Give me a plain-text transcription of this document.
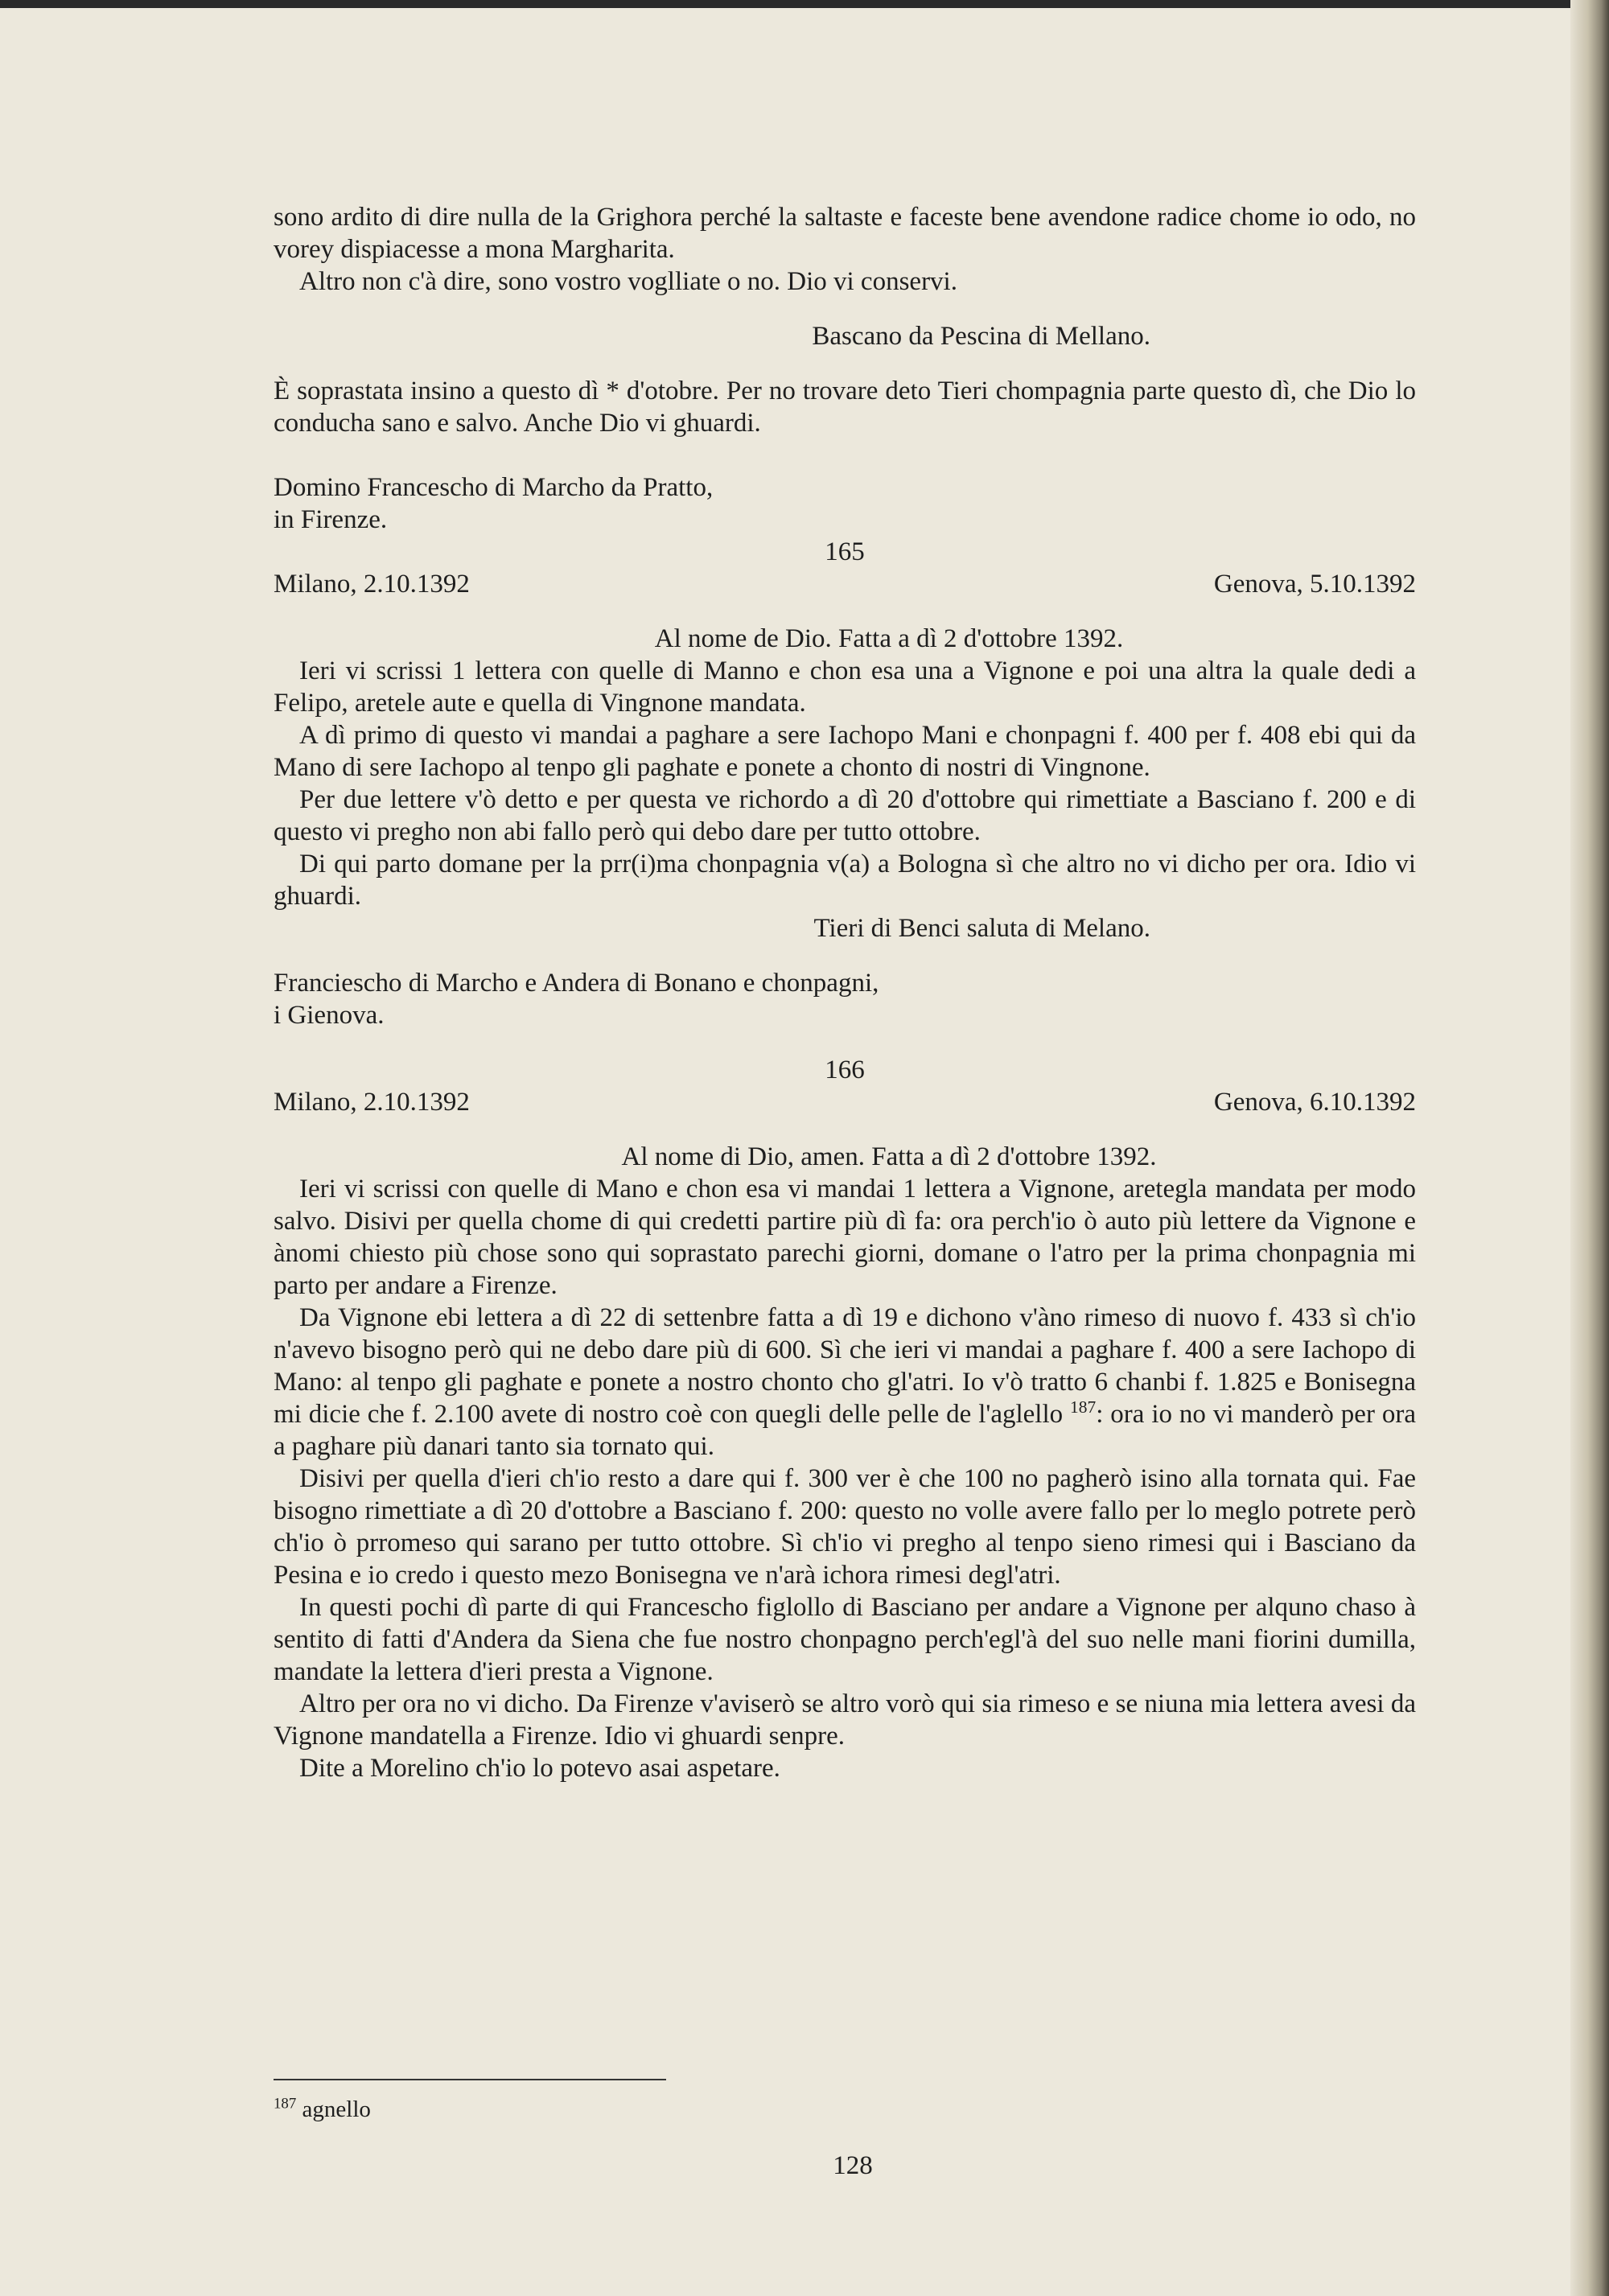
sono ardito di dire nulla de la Grighora perché la saltaste e faceste bene avendone radice chome io odo, no vorey dispiacesse a mona Margharita.

Altro non c'à dire, sono vostro voglliate o no. Dio vi conservi.

Bascano da Pescina di Mellano.

È soprastata insino a questo dì * d'otobre. Per no trovare deto Tieri chompagnia parte questo dì, che Dio lo conducha sano e salvo. Anche Dio vi ghuardi.

Domino Francescho di Marcho da Pratto,

in Firenze.

165

Milano, 2.10.1392	Genova, 5.10.1392

Al nome de Dio. Fatta a dì 2 d'ottobre 1392.

Ieri vi scrissi 1 lettera con quelle di Manno e chon esa una a Vignone e poi una altra la quale dedi a Felipo, aretele aute e quella di Vingnone mandata.

A dì primo di questo vi mandai a paghare a sere Iachopo Mani e chonpagni f. 400 per f. 408 ebi qui da Mano di sere Iachopo al tenpo gli paghate e ponete a chonto di nostri di Vingnone.

Per due lettere v'ò detto e per questa ve richordo a dì 20 d'ottobre qui rimettiate a Basciano f. 200 e di questo vi pregho non abi fallo però qui debo dare per tutto ottobre.

Di qui parto domane per la prr(i)ma chonpagnia v(a) a Bologna sì che altro no vi dicho per ora. Idio vi ghuardi.

Tieri di Benci saluta di Melano.

Franciescho di Marcho e Andera di Bonano e chonpagni,

i Gienova.

166

Milano, 2.10.1392	Genova, 6.10.1392

Al nome di Dio, amen. Fatta a dì 2 d'ottobre 1392.

Ieri vi scrissi con quelle di Mano e chon esa vi mandai 1 lettera a Vignone, aretegla mandata per modo salvo. Disivi per quella chome di qui credetti partire più dì fa: ora perch'io ò auto più lettere da Vignone e ànomi chiesto più chose sono qui soprastato parechi giorni, domane o l'atro per la prima chonpagnia mi parto per andare a Firenze.

Da Vignone ebi lettera a dì 22 di settenbre fatta a dì 19 e dichono v'àno rimeso di nuovo f. 433 sì ch'io n'avevo bisogno però qui ne debo dare più di 600. Sì che ieri vi mandai a paghare f. 400 a sere Iachopo di Mano: al tenpo gli paghate e ponete a nostro chonto cho gl'atri. Io v'ò tratto 6 chanbi f. 1.825 e Bonisegna mi dicie che f. 2.100 avete di nostro coè con quegli delle pelle de l'aglello $^{187}$: ora io no vi manderò per ora a paghare più danari tanto sia tornato qui.

Disivi per quella d'ieri ch'io resto a dare qui f. 300 ver è che 100 no pagherò isino alla tornata qui. Fae bisogno rimettiate a dì 20 d'ottobre a Basciano f. 200: questo no volle avere fallo per lo meglo potrete però ch'io ò prromeso qui sarano per tutto ottobre. Sì ch'io vi pregho al tenpo sieno rimesi qui i Basciano da Pesina e io credo i questo mezo Bonisegna ve n'arà ichora rimesi degl'atri.

In questi pochi dì parte di qui Francescho figlollo di Basciano per andare a Vignone per alquno chaso à sentito di fatti d'Andera da Siena che fue nostro chonpagno perch'egl'à del suo nelle mani fiorini dumilla, mandate la lettera d'ieri presta a Vignone.

Altro per ora no vi dicho. Da Firenze v'aviserò se altro vorò qui sia rimeso e se niuna mia lettera avesi da Vignone mandatella a Firenze. Idio vi ghuardi senpre.

Dite a Morelino ch'io lo potevo asai aspetare.

$^{187}$ agnello
128
